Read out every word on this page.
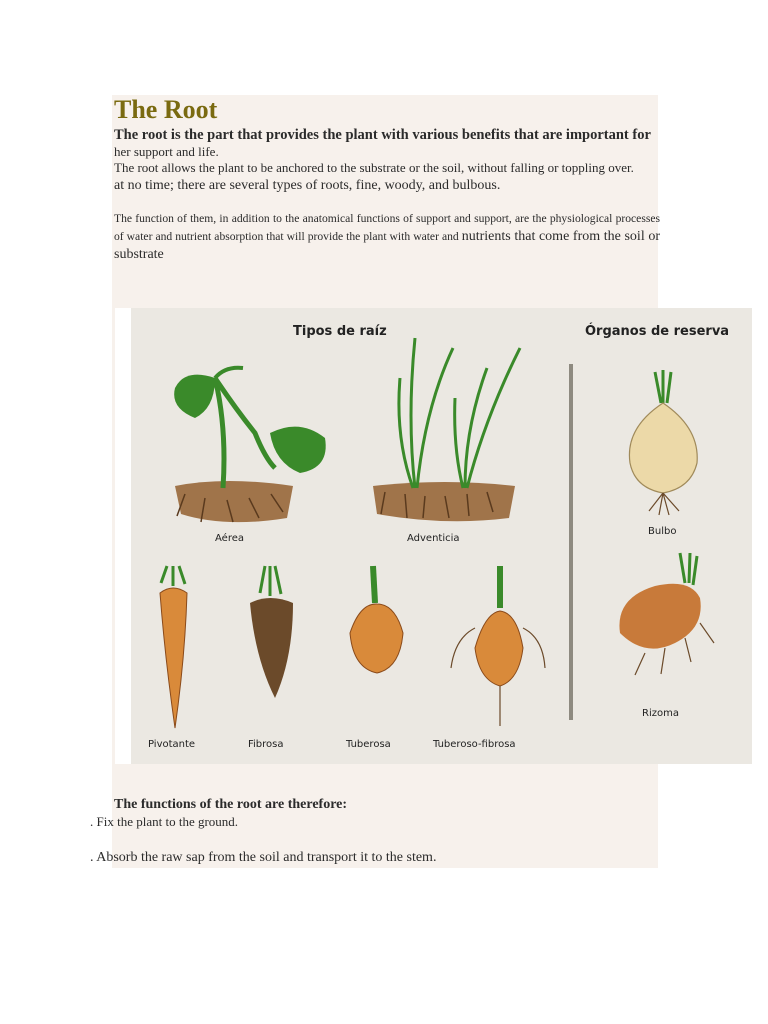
The Root

The root is the part that provides the plant with various benefits that are important for

her support and life.

The root allows the plant to be anchored to the substrate or the soil, without falling or toppling over.

at no time; there are several types of roots, fine, woody, and bulbous.

The function of them, in addition to the anatomical functions of support and support, are the physiological processes of water and nutrient absorption that will provide the plant with water and nutrients that come from the soil or substrate

Tipos de raíz	Órganos de reserva
Aérea	Adventicia
Bulbo
Rizoma
Pivotante	Fibrosa	Tuberosa	Tuberoso-fibrosa
The functions of the root are therefore:
. Fix the plant to the ground.
. Absorb the raw sap from the soil and transport it to the stem.
